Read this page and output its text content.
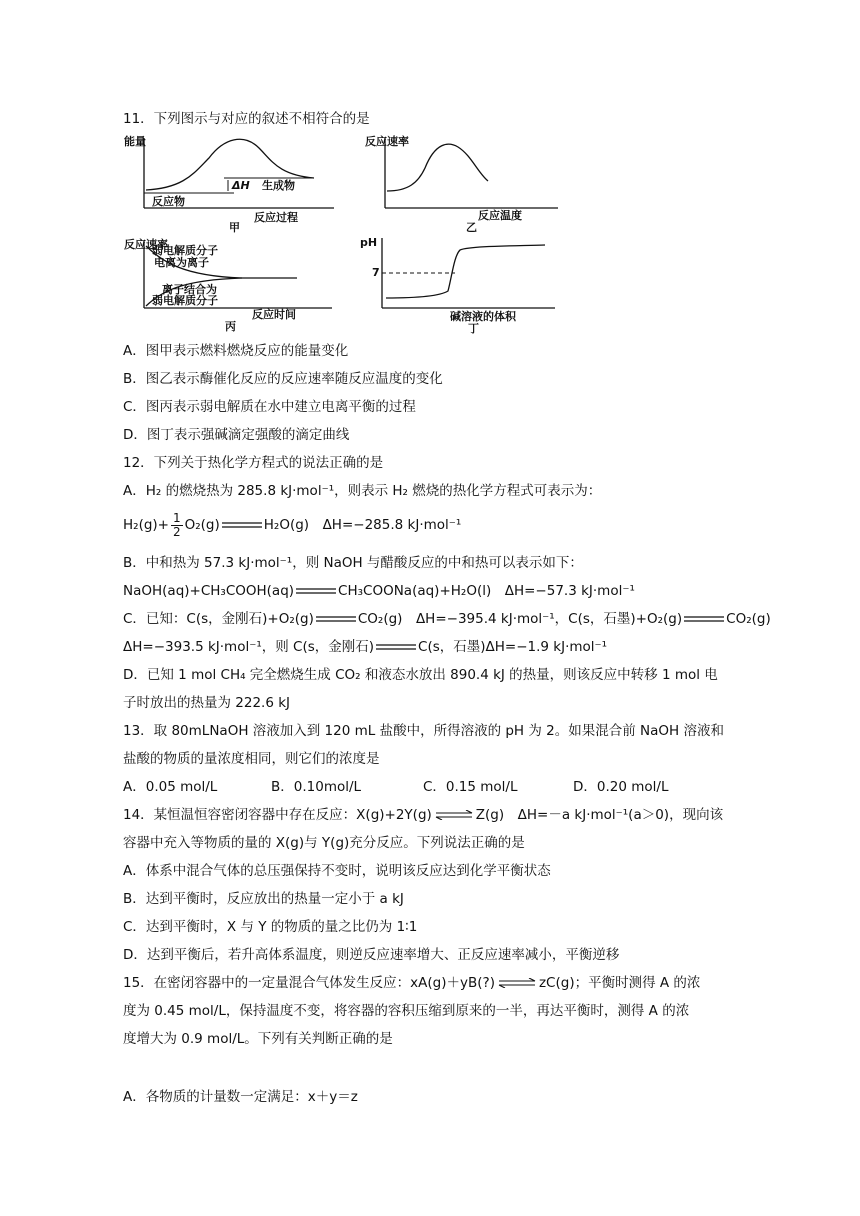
11．下列图示与对应的叙述不相符合的是
能量
ΔH 生成物
反应物
反应过程
甲
反应速率
反应温度
乙
反应速率
弱电解质分子
电离为离子
离子结合为
弱电解质分子
反应时间
丙
pH
7
碱溶液的体积
丁
A．图甲表示燃料燃烧反应的能量变化
B．图乙表示酶催化反应的反应速率随反应温度的变化
C．图丙表示弱电解质在水中建立电离平衡的过程
D．图丁表示强碱滴定强酸的滴定曲线
12．下列关于热化学方程式的说法正确的是
A．H₂ 的燃烧热为 285.8 kJ·mol⁻¹，则表示 H₂ 燃烧的热化学方程式可表示为：
$H_2(g)+ \frac{1}{2} O_2(g)$	H₂O(g)　ΔH=−285.8 kJ·mol⁻¹
B．中和热为 57.3 kJ·mol⁻¹，则 NaOH 与醋酸反应的中和热可以表示如下：
NaOH(aq)+CH₃COOH(aq)	CH₃COONa(aq)+H₂O(l)　ΔH=−57.3 kJ·mol⁻¹
C．已知：C(s，金刚石)+O₂(g)	CO₂(g)　ΔH=−395.4 kJ·mol⁻¹，C(s，石墨)+O₂(g)	CO₂(g)
ΔH=−393.5 kJ·mol⁻¹，则 C(s，金刚石)	C(s，石墨)ΔH=−1.9 kJ·mol⁻¹
D．已知 1 mol CH₄ 完全燃烧生成 CO₂ 和液态水放出 890.4 kJ 的热量，则该反应中转移 1 mol 电
子时放出的热量为 222.6 kJ
13．取 80mLNaOH 溶液加入到 120 mL 盐酸中，所得溶液的 pH 为 2。如果混合前 NaOH 溶液和
盐酸的物质的量浓度相同，则它们的浓度是
A．0.05 mol/L	B．0.10mol/L	C．0.15 mol/L	D．0.20 mol/L
14．某恒温恒容密闭容器中存在反应：X(g)+2Y(g) ⇌ Z(g)　ΔH=－a kJ·mol⁻¹(a＞0)，现向该
容器中充入等物质的量的 X(g)与 Y(g)充分反应。下列说法正确的是
A．体系中混合气体的总压强保持不变时，说明该反应达到化学平衡状态
B．达到平衡时，反应放出的热量一定小于 a kJ
C．达到平衡时，X 与 Y 的物质的量之比仍为 1∶1
D．达到平衡后，若升高体系温度，则逆反应速率增大、正反应速率减小，平衡逆移
15．在密闭容器中的一定量混合气体发生反应：xA(g)＋yB(?) ⇌ zC(g)；平衡时测得 A 的浓
度为 0.45 mol/L，保持温度不变，将容器的容积压缩到原来的一半，再达平衡时，测得 A 的浓
度增大为 0.9 mol/L。下列有关判断正确的是
A．各物质的计量数一定满足：x＋y＝z
